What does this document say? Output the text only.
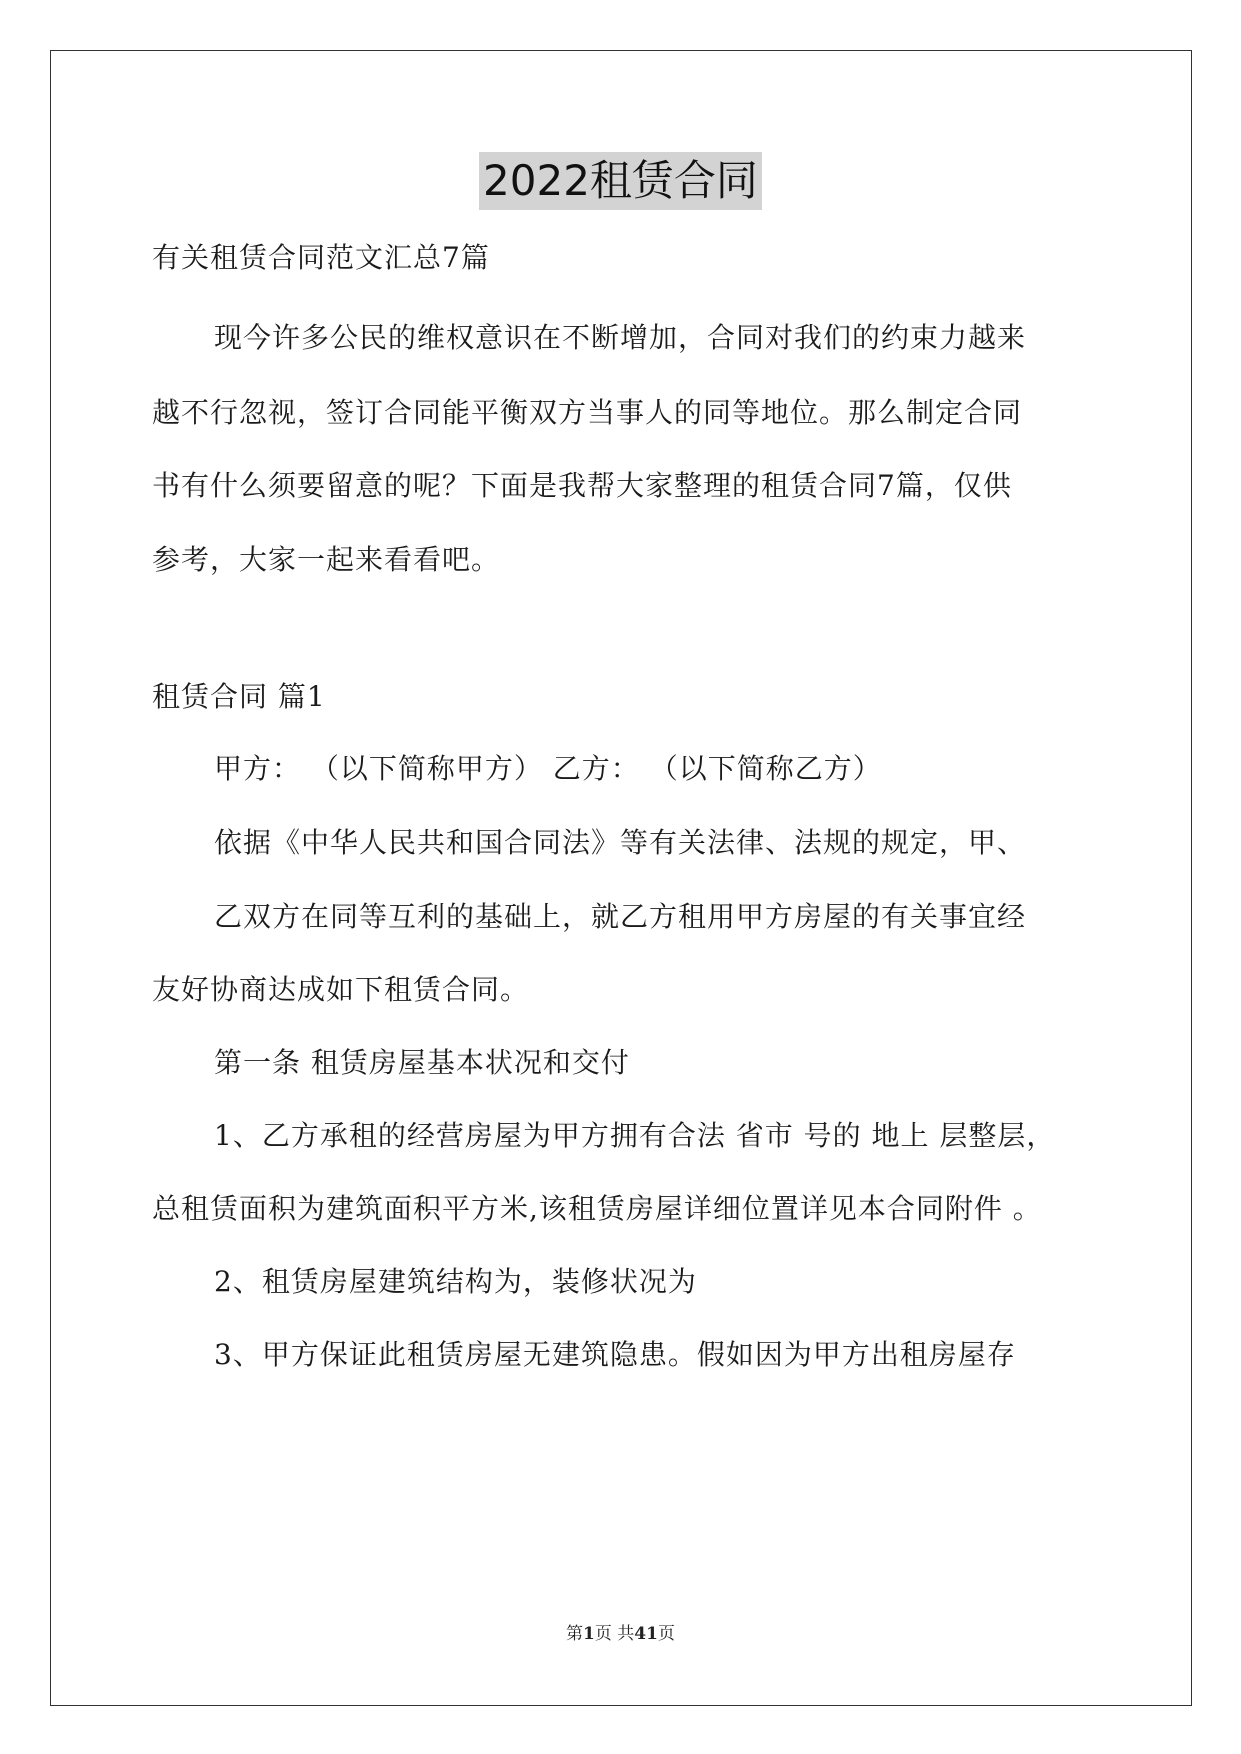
2022租赁合同
有关租赁合同范文汇总7篇
现今许多公民的维权意识在不断增加，合同对我们的约束力越来
越不行忽视，签订合同能平衡双方当事人的同等地位。那么制定合同
书有什么须要留意的呢？下面是我帮大家整理的租赁合同7篇，仅供
参考，大家一起来看看吧。
租赁合同 篇1
甲方： （以下简称甲方） 乙方： （以下简称乙方）
依据《中华人民共和国合同法》等有关法律、法规的规定，甲、
乙双方在同等互利的基础上，就乙方租用甲方房屋的有关事宜经
友好协商达成如下租赁合同。
第一条 租赁房屋基本状况和交付
1、乙方承租的经营房屋为甲方拥有合法 省市 号的 地上 层整层，
总租赁面积为建筑面积平方米,该租赁房屋详细位置详见本合同附件 。
2、租赁房屋建筑结构为，装修状况为
3、甲方保证此租赁房屋无建筑隐患。假如因为甲方出租房屋存
第1页 共41页
